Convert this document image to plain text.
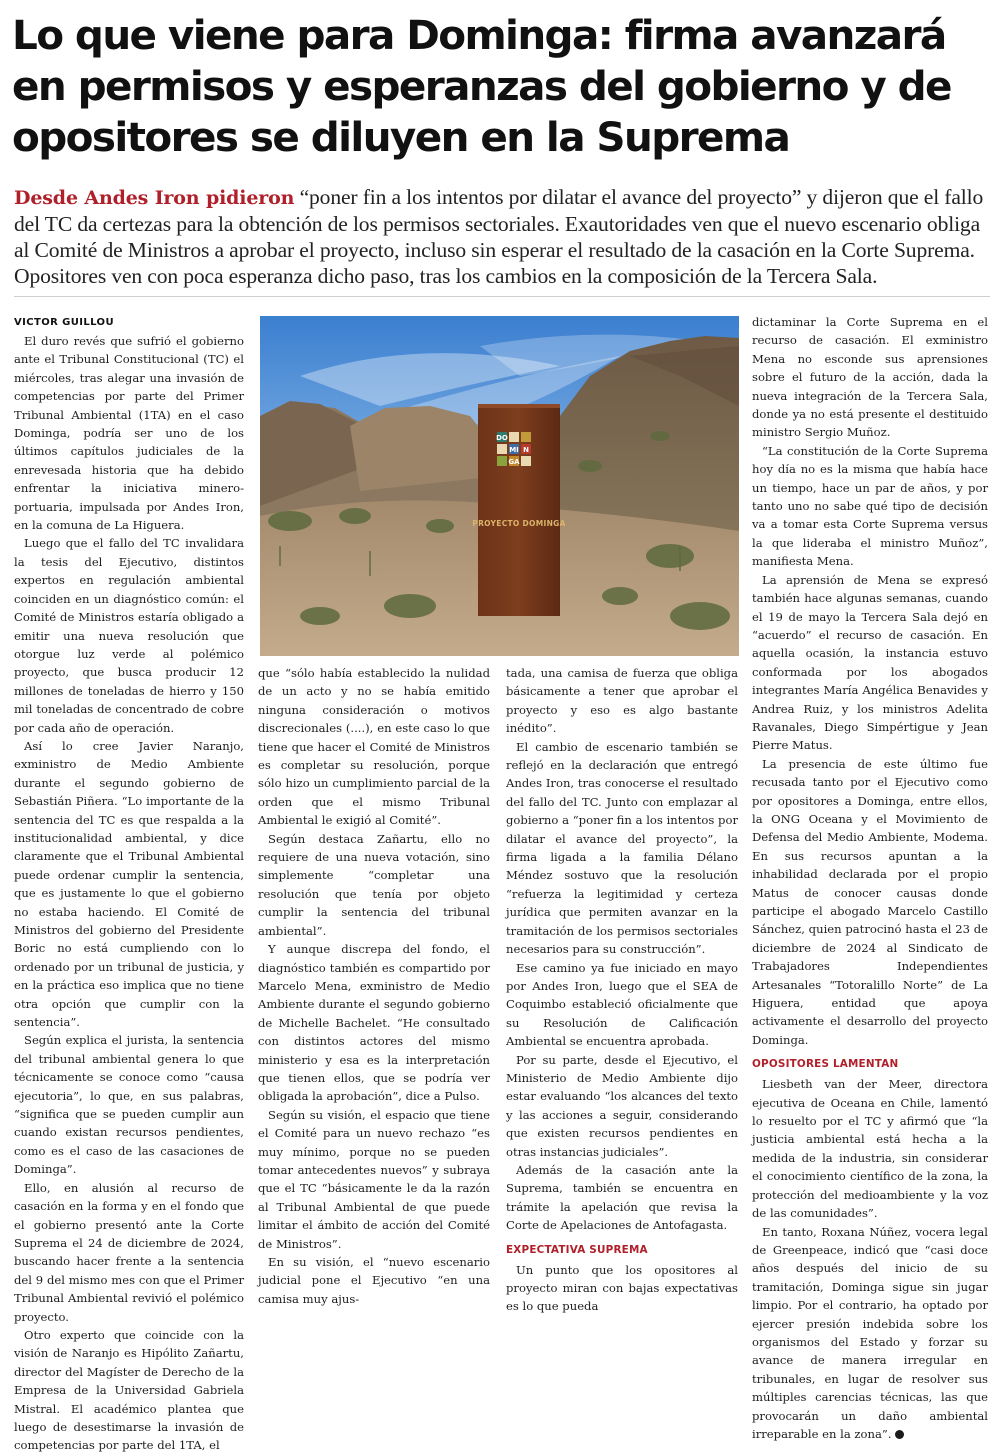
Lo que viene para Dominga: firma avanzará en permisos y esperanzas del gobierno y de opositores se diluyen en la Suprema

Desde Andes Iron pidieron “poner fin a los intentos por dilatar el avance del proyecto” y dijeron que el fallo del TC da certezas para la obtención de los permisos sectoriales. Exautoridades ven que el nuevo escenario obliga al Comité de Ministros a aprobar el proyecto, incluso sin esperar el resultado de la casación en la Corte Suprema. Opositores ven con poca esperanza dicho paso, tras los cambios en la composición de la Tercera Sala.

VICTOR GUILLOU

El duro revés que sufrió el gobierno ante el Tribunal Constitucional (TC) el miércoles, tras alegar una invasión de competencias por parte del Primer Tribunal Ambiental (1TA) en el caso Dominga, podría ser uno de los últimos capítulos judiciales de la enrevesada historia que ha debido enfrentar la iniciativa minero-portuaria, impulsada por Andes Iron, en la comuna de La Higuera.

Luego que el fallo del TC invalidara la tesis del Ejecutivo, distintos expertos en regulación ambiental coinciden en un diagnóstico común: el Comité de Ministros estaría obligado a emitir una nueva resolución que otorgue luz verde al polémico proyecto, que busca producir 12 millones de toneladas de hierro y 150 mil toneladas de concentrado de cobre por cada año de operación.

Así lo cree Javier Naranjo, exministro de Medio Ambiente durante el segundo gobierno de Sebastián Piñera. “Lo importante de la sentencia del TC es que respalda a la institucionalidad ambiental, y dice claramente que el Tribunal Ambiental puede ordenar cumplir la sentencia, que es justamente lo que el gobierno no estaba haciendo. El Comité de Ministros del gobierno del Presidente Boric no está cumpliendo con lo ordenado por un tribunal de justicia, y en la práctica eso implica que no tiene otra opción que cumplir con la sentencia”.

Según explica el jurista, la sentencia del tribunal ambiental genera lo que técnicamente se conoce como “causa ejecutoria”, lo que, en sus palabras, “significa que se pueden cumplir aun cuando existan recursos pendientes, como es el caso de las casaciones de Dominga”.

Ello, en alusión al recurso de casación en la forma y en el fondo que el gobierno presentó ante la Corte Suprema el 24 de diciembre de 2024, buscando hacer frente a la sentencia del 9 del mismo mes con que el Primer Tribunal Ambiental revivió el polémico proyecto.

Otro experto que coincide con la visión de Naranjo es Hipólito Zañartu, director del Magíster de Derecho de la Empresa de la Universidad Gabriela Mistral. El académico plantea que luego de desestimarse la invasión de competencias por parte del 1TA, el

DO
MI N
GA
PROYECTO DOMINGA

que “sólo había establecido la nulidad de un acto y no se había emitido ninguna consideración o motivos discrecionales (....), en este caso lo que tiene que hacer el Comité de Ministros es completar su resolución, porque sólo hizo un cumplimiento parcial de la orden que el mismo Tribunal Ambiental le exigió al Comité”.

Según destaca Zañartu, ello no requiere de una nueva votación, sino simplemente “completar una resolución que tenía por objeto cumplir la sentencia del tribunal ambiental”.

Y aunque discrepa del fondo, el diagnóstico también es compartido por Marcelo Mena, exministro de Medio Ambiente durante el segundo gobierno de Michelle Bachelet. “He consultado con distintos actores del mismo ministerio y esa es la interpretación que tienen ellos, que se podría ver obligada la aprobación”, dice a Pulso.

Según su visión, el espacio que tiene el Comité para un nuevo rechazo “es muy mínimo, porque no se pueden tomar antecedentes nuevos” y subraya que el TC “básicamente le da la razón al Tribunal Ambiental de que puede limitar el ámbito de acción del Comité de Ministros”.

En su visión, el “nuevo escenario judicial pone el Ejecutivo “en una camisa muy ajus-

tada, una camisa de fuerza que obliga básicamente a tener que aprobar el proyecto y eso es algo bastante inédito”.

El cambio de escenario también se reflejó en la declaración que entregó Andes Iron, tras conocerse el resultado del fallo del TC. Junto con emplazar al gobierno a “poner fin a los intentos por dilatar el avance del proyecto”, la firma ligada a la familia Délano Méndez sostuvo que la resolución “refuerza la legitimidad y certeza jurídica que permiten avanzar en la tramitación de los permisos sectoriales necesarios para su construcción”.

Ese camino ya fue iniciado en mayo por Andes Iron, luego que el SEA de Coquimbo estableció oficialmente que su Resolución de Calificación Ambiental se encuentra aprobada.

Por su parte, desde el Ejecutivo, el Ministerio de Medio Ambiente dijo estar evaluando “los alcances del texto y las acciones a seguir, considerando que existen recursos pendientes en otras instancias judiciales”.

Además de la casación ante la Suprema, también se encuentra en trámite la apelación que revisa la Corte de Apelaciones de Antofagasta.

EXPECTATIVA SUPREMA

Un punto que los opositores al proyecto miran con bajas expectativas es lo que pueda

dictaminar la Corte Suprema en el recurso de casación. El exministro Mena no esconde sus aprensiones sobre el futuro de la acción, dada la nueva integración de la Tercera Sala, donde ya no está presente el destituido ministro Sergio Muñoz.

“La constitución de la Corte Suprema hoy día no es la misma que había hace un tiempo, hace un par de años, y por tanto uno no sabe qué tipo de decisión va a tomar esta Corte Suprema versus la que lideraba el ministro Muñoz”, manifiesta Mena.

La aprensión de Mena se expresó también hace algunas semanas, cuando el 19 de mayo la Tercera Sala dejó en “acuerdo” el recurso de casación. En aquella ocasión, la instancia estuvo conformada por los abogados integrantes María Angélica Benavides y Andrea Ruiz, y los ministros Adelita Ravanales, Diego Simpértigue y Jean Pierre Matus.

La presencia de este último fue recusada tanto por el Ejecutivo como por opositores a Dominga, entre ellos, la ONG Oceana y el Movimiento de Defensa del Medio Ambiente, Modema. En sus recursos apuntan a la inhabilidad declarada por el propio Matus de conocer causas donde participe el abogado Marcelo Castillo Sánchez, quien patrocinó hasta el 23 de diciembre de 2024 al Sindicato de Trabajadores Independientes Artesanales “Totoralillo Norte” de La Higuera, entidad que apoya activamente el desarrollo del proyecto Dominga.

OPOSITORES LAMENTAN

Liesbeth van der Meer, directora ejecutiva de Oceana en Chile, lamentó lo resuelto por el TC y afirmó que “la justicia ambiental está hecha a la medida de la industria, sin considerar el conocimiento científico de la zona, la protección del medioambiente y la voz de las comunidades”.

En tanto, Roxana Núñez, vocera legal de Greenpeace, indicó que “casi doce años después del inicio de su tramitación, Dominga sigue sin jugar limpio. Por el contrario, ha optado por ejercer presión indebida sobre los organismos del Estado y forzar su avance de manera irregular en tribunales, en lugar de resolver sus múltiples carencias técnicas, las que provocarán un daño ambiental irreparable en la zona”.
